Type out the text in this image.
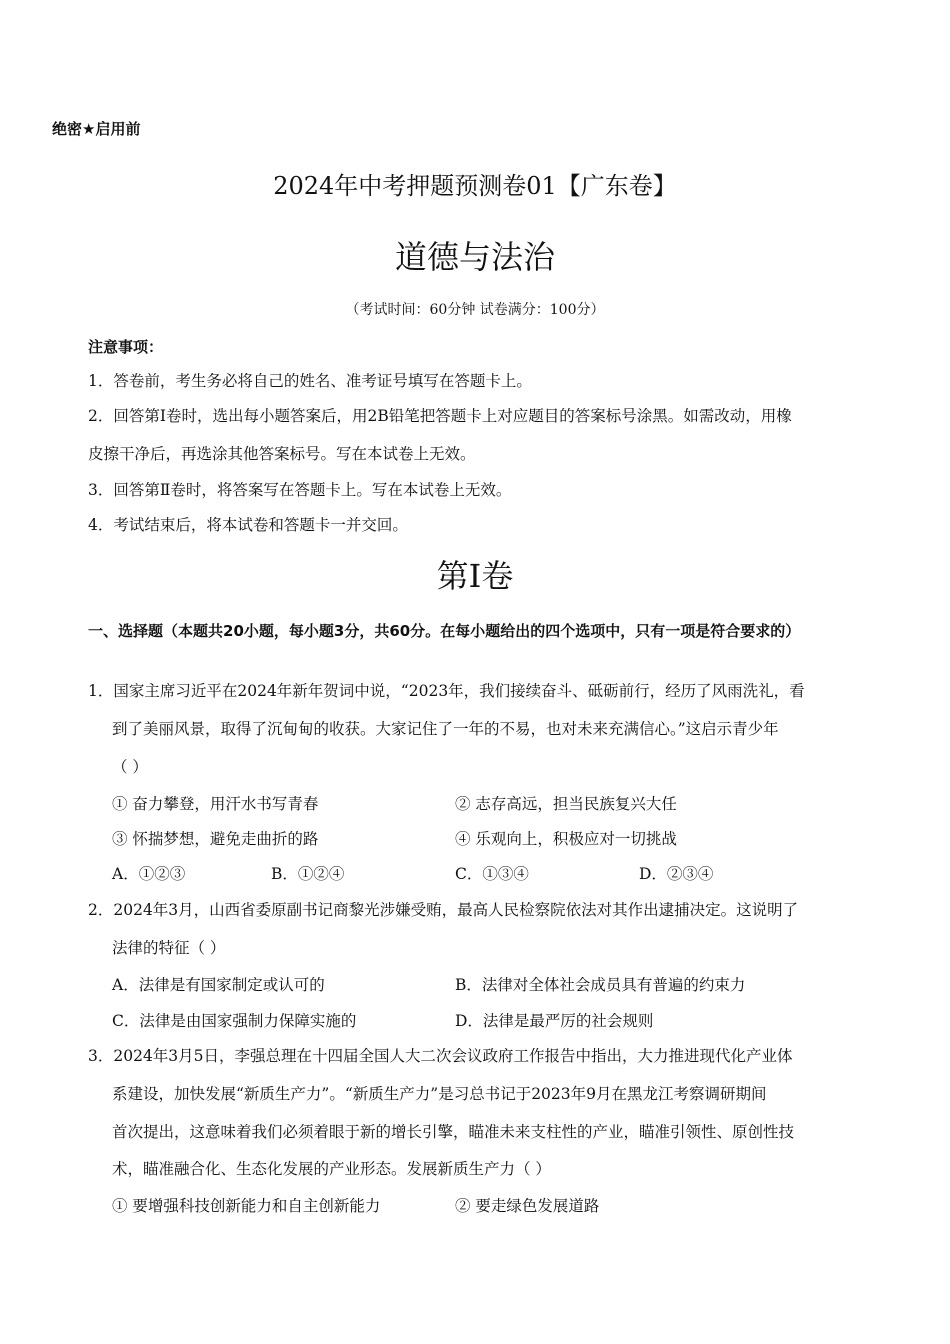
绝密★启用前
2024年中考押题预测卷01【广东卷】
道德与法治
（考试时间：60分钟 试卷满分：100分）
注意事项：
1．答卷前，考生务必将自己的姓名、准考证号填写在答题卡上。
2．回答第Ⅰ卷时，选出每小题答案后，用2B铅笔把答题卡上对应题目的答案标号涂黑。如需改动，用橡
皮擦干净后，再选涂其他答案标号。写在本试卷上无效。
3．回答第Ⅱ卷时，将答案写在答题卡上。写在本试卷上无效。
4．考试结束后，将本试卷和答题卡一并交回。
第Ⅰ卷
一、选择题（本题共20小题，每小题3分，共60分。在每小题给出的四个选项中，只有一项是符合要求的）
1．国家主席习近平在2024年新年贺词中说，“2023年，我们接续奋斗、砥砺前行，经历了风雨洗礼，看
到了美丽风景，取得了沉甸甸的收获。大家记住了一年的不易，也对未来充满信心。”这启示青少年
（ ）
① 奋力攀登，用汗水书写青春	② 志存高远，担当民族复兴大任
③ 怀揣梦想，避免走曲折的路	④ 乐观向上，积极应对一切挑战
A．①②③	B．①②④	C．①③④	D．②③④
2．2024年3月，山西省委原副书记商黎光涉嫌受贿，最高人民检察院依法对其作出逮捕决定。这说明了
法律的特征（ ）
A．法律是有国家制定或认可的	B．法律对全体社会成员具有普遍的约束力
C．法律是由国家强制力保障实施的	D．法律是最严厉的社会规则
3．2024年3月5日，李强总理在十四届全国人大二次会议政府工作报告中指出，大力推进现代化产业体
系建设，加快发展“新质生产力”。“新质生产力”是习总书记于2023年9月在黑龙江考察调研期间
首次提出，这意味着我们必须着眼于新的增长引擎，瞄准未来支柱性的产业，瞄准引领性、原创性技
术，瞄准融合化、生态化发展的产业形态。发展新质生产力（ ）
① 要增强科技创新能力和自主创新能力	② 要走绿色发展道路
